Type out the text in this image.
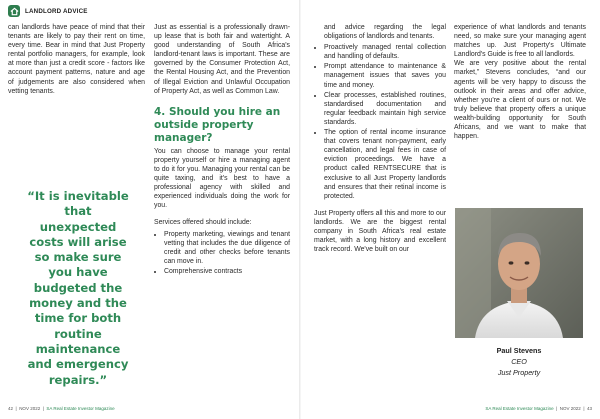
LANDLORD ADVICE

can landlords have peace of mind that their tenants are likely to pay their rent on time, every time. Bear in mind that Just Property rental portfolio managers, for example, look at more than just a credit score - factors like account payment patterns, nature and age of judgements are also considered when vetting tenants.

“It is inevitable that unexpected costs will arise so make sure you have budgeted the money and the time for both routine maintenance and emergency repairs.”

Just as essential is a professionally drawn-up lease that is both fair and watertight. A good understanding of South Africa's landlord-tenant laws is important. These are governed by the Consumer Protection Act, the Rental Housing Act, and the Prevention of Illegal Eviction and Unlawful Occupation of Property Act, as well as Common Law.

4. Should you hire an outside property manager?

You can choose to manage your rental property yourself or hire a managing agent to do it for you. Managing your rental can be quite taxing, and it's best to have a professional agency with skilled and experienced individuals doing the work for you.

Services offered should include:

• Property marketing, viewings and tenant vetting that includes the due diligence of credit and other checks before tenants can move in.
• Comprehensive contracts

and advice regarding the legal obligations of landlords and tenants.

• Proactively managed rental collection and handling of defaults.
• Prompt attendance to maintenance & management issues that saves you time and money.
• Clear processes, established routines, standardised documentation and regular feedback maintain high service standards.
• The option of rental income insurance that covers tenant non-payment, early cancellation, and legal fees in case of eviction proceedings. We have a product called RENTSECURE that is exclusive to all Just Property landlords and ensures that their retinal income is protected.

Just Property offers all this and more to our landlords. We are the biggest rental company in South Africa's real estate market, with a long history and excellent track record. We've built on our

experience of what landlords and tenants need, so make sure your managing agent matches up. Just Property's Ultimate Landlord's Guide is free to all landlords.

We are very positive about the rental market,” Stevens concludes, “and our agents will be very happy to discuss the outlook in their areas and offer advice, whether you're a client of ours or not. We truly believe that property offers a unique wealth-building opportunity for South Africans, and we want to make that happen.

Paul Stevens
CEO
Just Property
42  |  NOV 2022  |  SA Real Estate Investor Magazine	SA Real Estate Investor Magazine  |  NOV 2022  |  43
